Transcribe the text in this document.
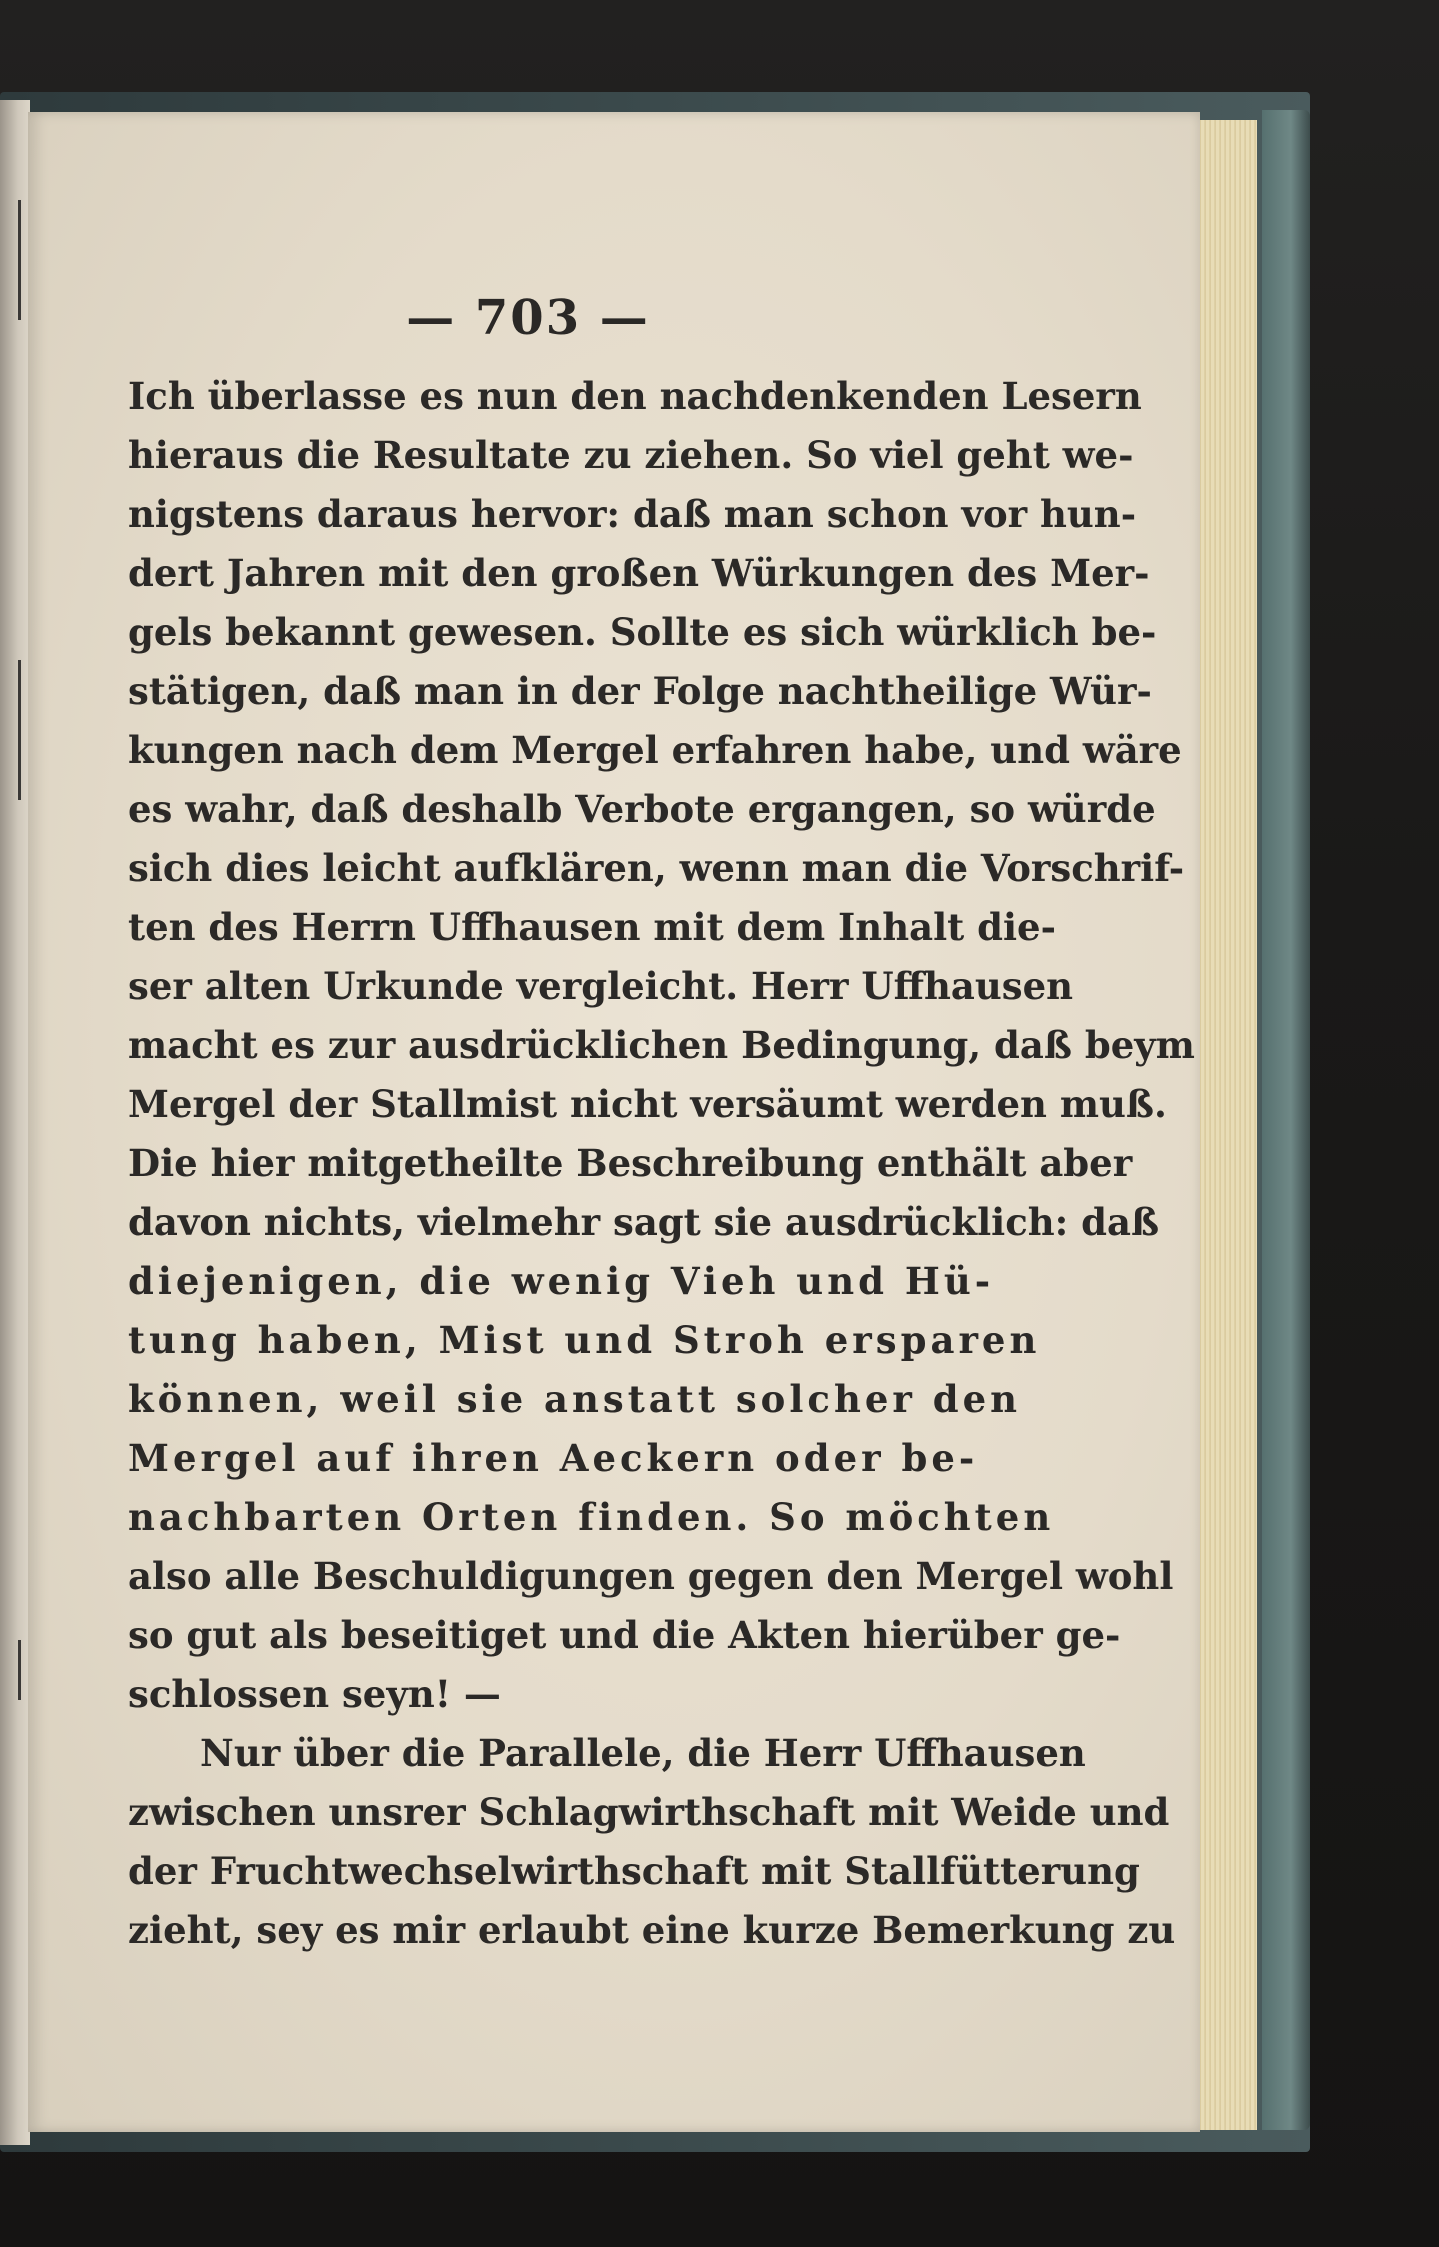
— 703 —
Ich überlasse es nun den nachdenkenden Lesern
hieraus die Resultate zu ziehen. So viel geht we-
nigstens daraus hervor: daß man schon vor hun-
dert Jahren mit den großen Würkungen des Mer-
gels bekannt gewesen. Sollte es sich würklich be-
stätigen, daß man in der Folge nachtheilige Wür-
kungen nach dem Mergel erfahren habe, und wäre
es wahr, daß deshalb Verbote ergangen, so würde
sich dies leicht aufklären, wenn man die Vorschrif-
ten des Herrn Uffhausen mit dem Inhalt die-
ser alten Urkunde vergleicht. Herr Uffhausen
macht es zur ausdrücklichen Bedingung, daß beym
Mergel der Stallmist nicht versäumt werden muß.
Die hier mitgetheilte Beschreibung enthält aber
davon nichts, vielmehr sagt sie ausdrücklich: daß
diejenigen, die wenig Vieh und Hü-
tung haben, Mist und Stroh ersparen
können, weil sie anstatt solcher den
Mergel auf ihren Aeckern oder be-
nachbarten Orten finden. So möchten
also alle Beschuldigungen gegen den Mergel wohl
so gut als beseitiget und die Akten hierüber ge-
schlossen seyn! —
Nur über die Parallele, die Herr Uffhausen
zwischen unsrer Schlagwirthschaft mit Weide und
der Fruchtwechselwirthschaft mit Stallfütterung
zieht, sey es mir erlaubt eine kurze Bemerkung zu
